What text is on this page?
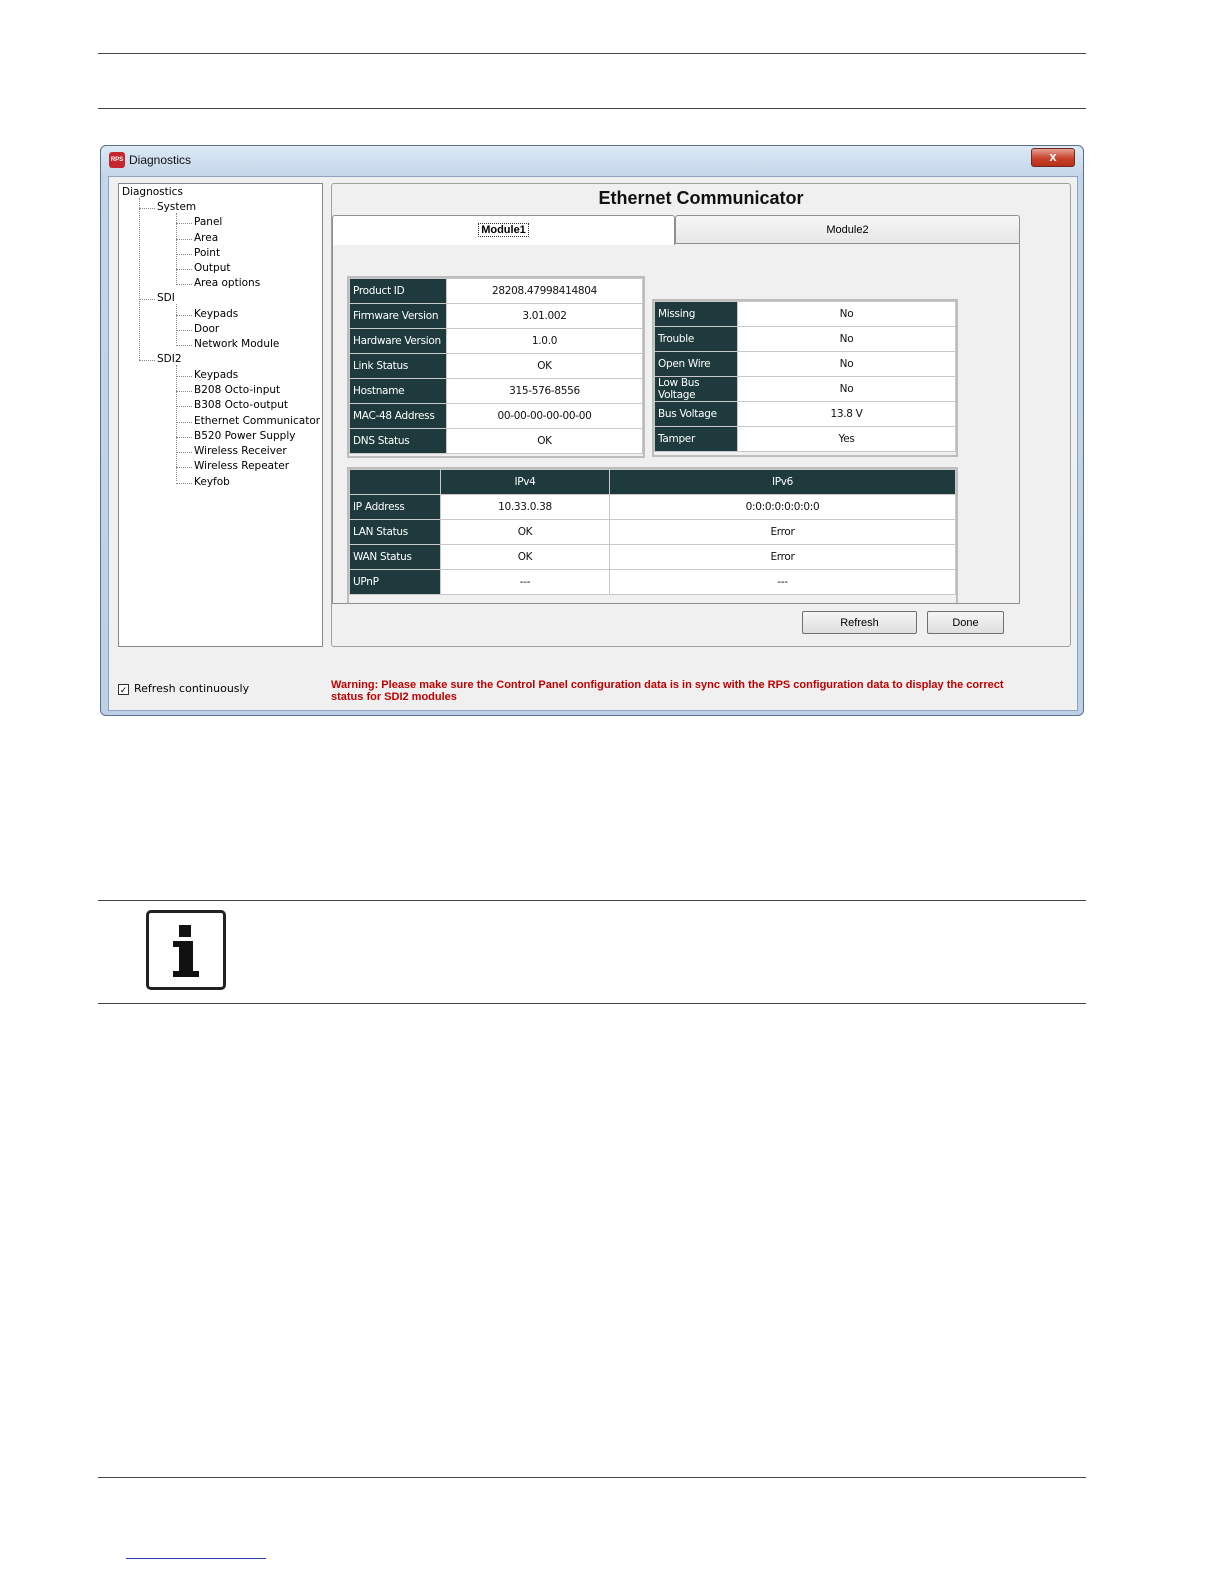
RPS Diagnostics	x
Diagnostics
System
Panel
Area
Point
Output
Area options
SDI
Keypads
Door
Network Module
SDI2
Keypads
B208 Octo-input
B308 Octo-output
Ethernet Communicator
B520 Power Supply
Wireless Receiver
Wireless Repeater
Keyfob
Ethernet Communicator
Module1	Module2
Product ID	28208.47998414804
Firmware Version	3.01.002
Hardware Version	1.0.0
Link Status	OK
Hostname	315-576-8556
MAC-48 Address	00-00-00-00-00-00
DNS Status	OK
Missing	No
Trouble	No
Open Wire	No
Low Bus Voltage	No
Bus Voltage	13.8 V
Tamper	Yes
	IPv4	IPv6
IP Address	10.33.0.38	0:0:0:0:0:0:0:0
LAN Status	OK	Error
WAN Status	OK	Error
UPnP	---	---
Refresh	Done
✓ Refresh continuously	Warning: Please make sure the Control Panel configuration data is in sync with the RPS configuration data to display the correct status for SDI2 modules
